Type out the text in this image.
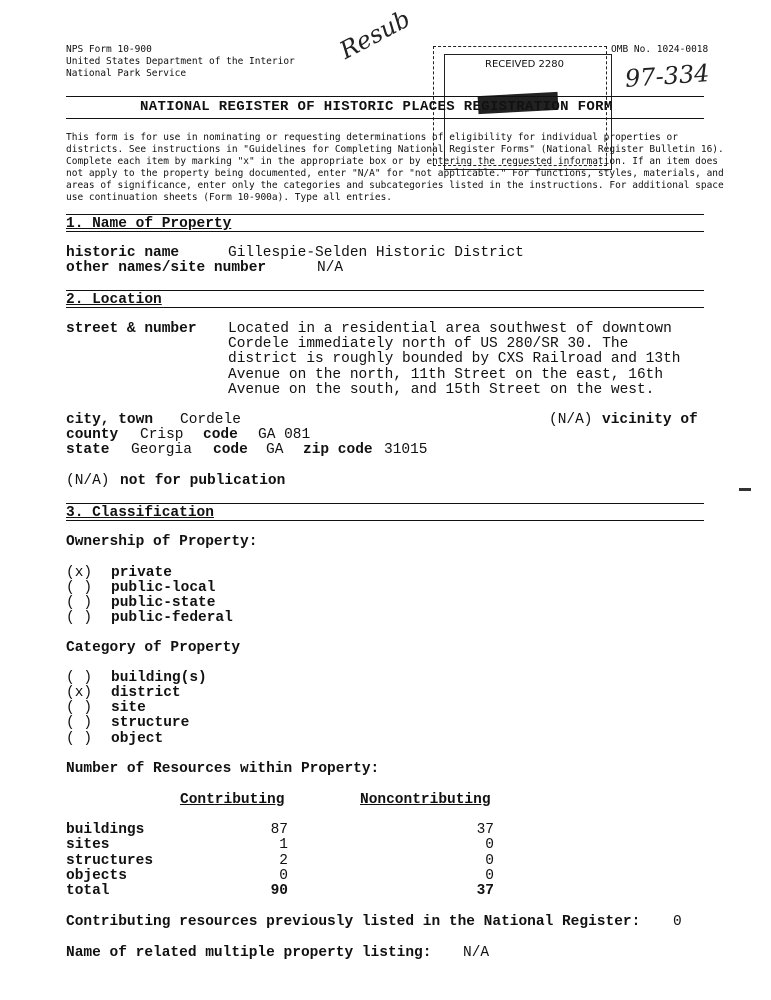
NPS Form 10-900
United States Department of the Interior
National Park Service
OMB No. 1024-0018
Resub
97-334
RECEIVED 2280
NATIONAL REGISTER OF HISTORIC PLACES REGISTRATION FORM
This form is for use in nominating or requesting determinations of eligibility for individual properties or
districts. See instructions in "Guidelines for Completing National Register Forms" (National Register Bulletin 16).
Complete each item by marking "x" in the appropriate box or by entering the requested information. If an item does
not apply to the property being documented, enter "N/A" for "not applicable." For functions, styles, materials, and
areas of significance, enter only the categories and subcategories listed in the instructions. For additional space
use continuation sheets (Form 10-900a). Type all entries.
1. Name of Property
historic name	Gillespie-Selden Historic District
other names/site number	N/A
2. Location
street & number Located in a residential area southwest of downtown
Cordele immediately north of US 280/SR 30. The
district is roughly bounded by CXS Railroad and 13th
Avenue on the north, 11th Street on the east, 16th
Avenue on the south, and 15th Street on the west.
city, town Cordele	(N/A) vicinity of
county Crisp code GA 081
state Georgia code GA zip code 31015
(N/A) not for publication
3. Classification
Ownership of Property:
(x) private
( ) public-local
( ) public-state
( ) public-federal
Category of Property
( ) building(s)
(x) district
( ) site
( ) structure
( ) object
Number of Resources within Property:
Contributing	Noncontributing
buildings	87	37
sites	1	0
structures	2	0
objects	0	0
total	90	37
Contributing resources previously listed in the National Register: 0
Name of related multiple property listing: N/A
